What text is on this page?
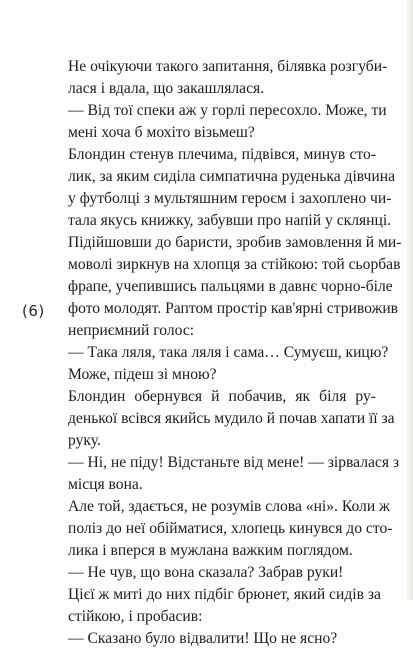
(6)
Не очікуючи такого запитання, білявка розгуби-
лася і вдала, що закашлялася.
— Від тої спеки аж у горлі пересохло. Може, ти
мені хоча б мохіто візьмеш?
Блондин стенув плечима, підвівся, минув сто-
лик, за яким сиділа симпатична руденька дівчина
у футболці з мультяшним героєм і захоплено чи-
тала якусь книжку, забувши про напій у склянці.
Підійшовши до баристи, зробив замовлення й ми-
моволі зиркнув на хлопця за стійкою: той сьорбав
фрапе, учепившись пальцями в давнє чорно-біле
фото молодят. Раптом простір кав'ярні стривожив
неприємний голос:
— Така ляля, така ляля і сама… Сумуєш, кицю?
Може, підеш зі мною?
Блондин обернувся й побачив, як біля ру-
денької всівся якийсь мудило й почав хапати її за
руку.
— Ні, не піду! Відстаньте від мене! — зірвалася з
місця вона.
Але той, здається, не розумів слова «ні». Коли ж
поліз до неї обійматися, хлопець кинувся до сто-
лика і вперся в мужлана важким поглядом.
— Не чув, що вона сказала? Забрав руки!
Цієї ж миті до них підбіг брюнет, який сидів за
стійкою, і пробасив:
— Сказано було відвалити! Що не ясно?
